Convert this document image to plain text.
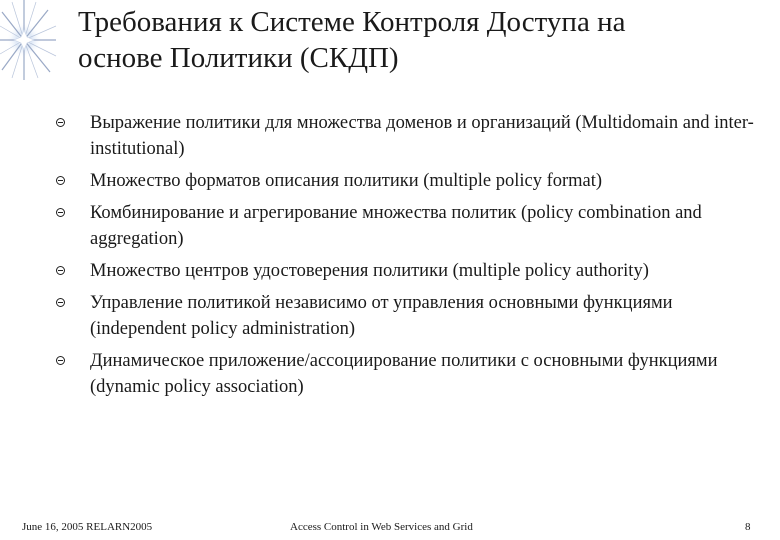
Требования к Системе Контроля Доступа на
основе Политики (СКДП)
Выражение политики для множества доменов и организаций (Multidomain and inter-institutional)
Множество форматов описания политики (multiple policy format)
Комбинирование и агрегирование множества политик (policy combination and aggregation)
Множество центров удостоверения политики (multiple policy authority)
Управление политикой независимо от управления основными функциями (independent policy administration)
Динамическое приложение/ассоциирование политики с основными функциями (dynamic policy association)
June 16, 2005 RELARN2005	Access Control in Web Services and Grid	8
